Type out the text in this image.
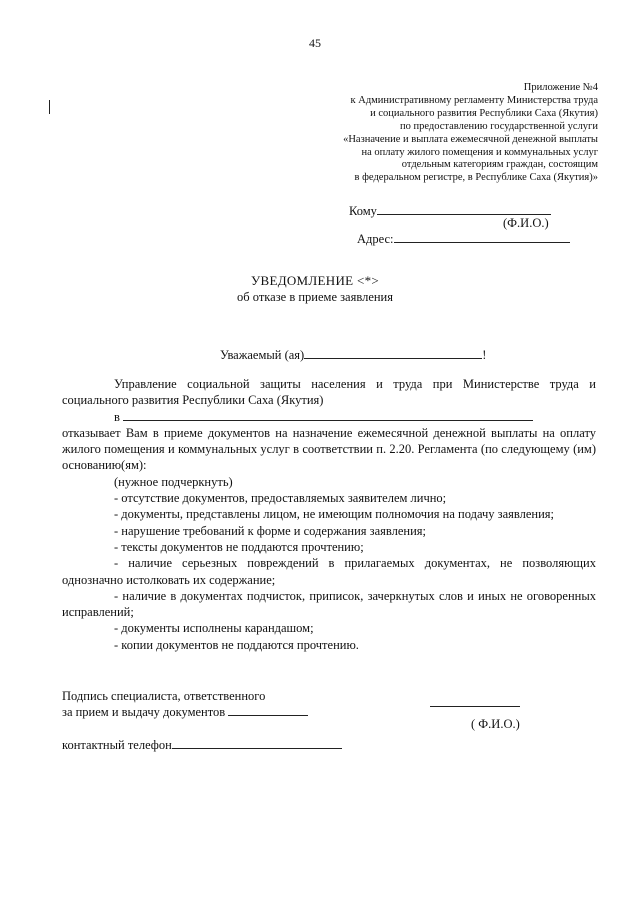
45
Приложение №4
к Административному регламенту Министерства труда
и социального развития Республики Саха (Якутия)
по предоставлению государственной услуги
«Назначение и выплата ежемесячной денежной выплаты
на оплату жилого помещения и коммунальных услуг
отдельным категориям граждан, состоящим
в федеральном регистре, в Республике Саха (Якутия)»
Кому
(Ф.И.О.)
Адрес:
УВЕДОМЛЕНИЕ <*>
об отказе в приеме заявления
Уважаемый (ая)	!

Управление социальной защиты населения и труда при Министерстве труда и социального развития Республики Саха (Якутия)

в

отказывает Вам в приеме документов на назначение ежемесячной денежной выплаты на оплату жилого помещения и коммунальных услуг в соответствии п. 2.20. Регламента (по следующему (им) основанию(ям):

(нужное подчеркнуть)

- отсутствие документов, предоставляемых заявителем лично;

- документы, представлены лицом, не имеющим полномочия на подачу заявления;

- нарушение требований к форме и содержания заявления;

- тексты документов не поддаются прочтению;

- наличие серьезных повреждений в прилагаемых документах, не позволяющих однозначно истолковать их содержание;

- наличие в документах подчисток, приписок, зачеркнутых слов и иных не оговоренных исправлений;

- документы исполнены карандашом;

- копии документов не поддаются прочтению.

Подпись специалиста, ответственного
за прием и выдачу документов
( Ф.И.О.)
контактный телефон
